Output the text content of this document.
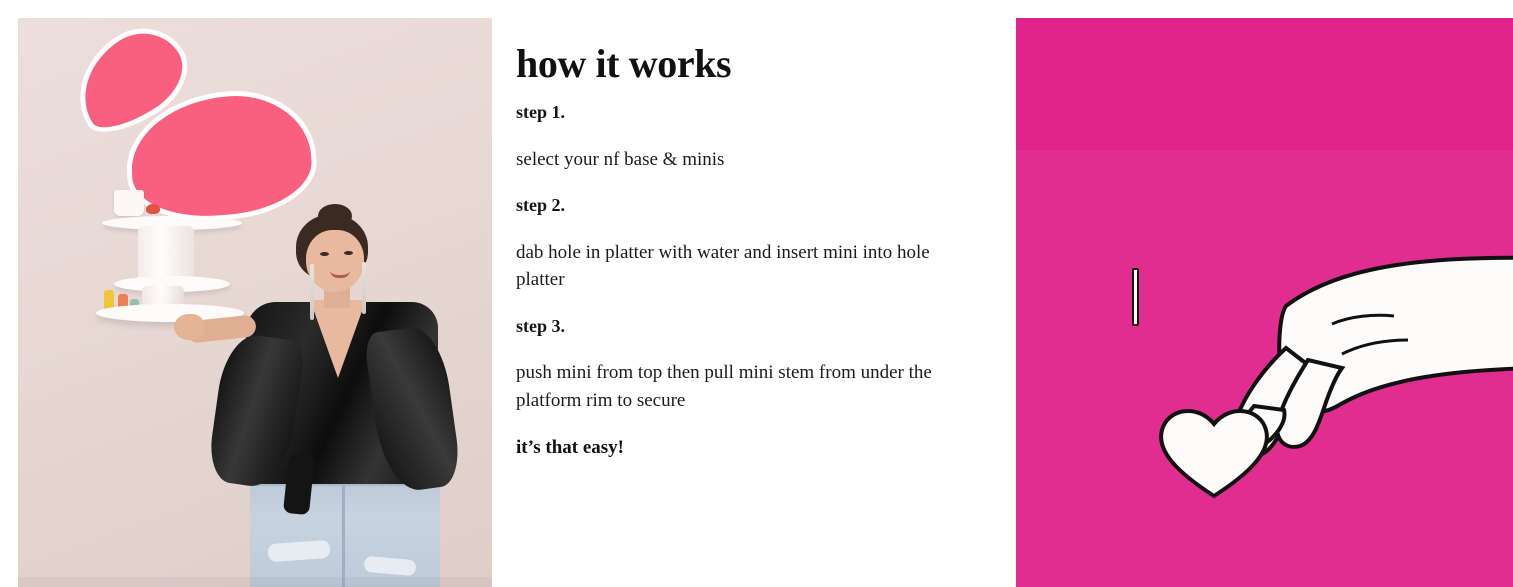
how it works

step 1.

select your nf base & minis

step 2.

dab hole in platter with water and insert mini into hole platter

step 3.

push mini from top then pull mini stem from under the platform rim to secure

it’s that easy!
